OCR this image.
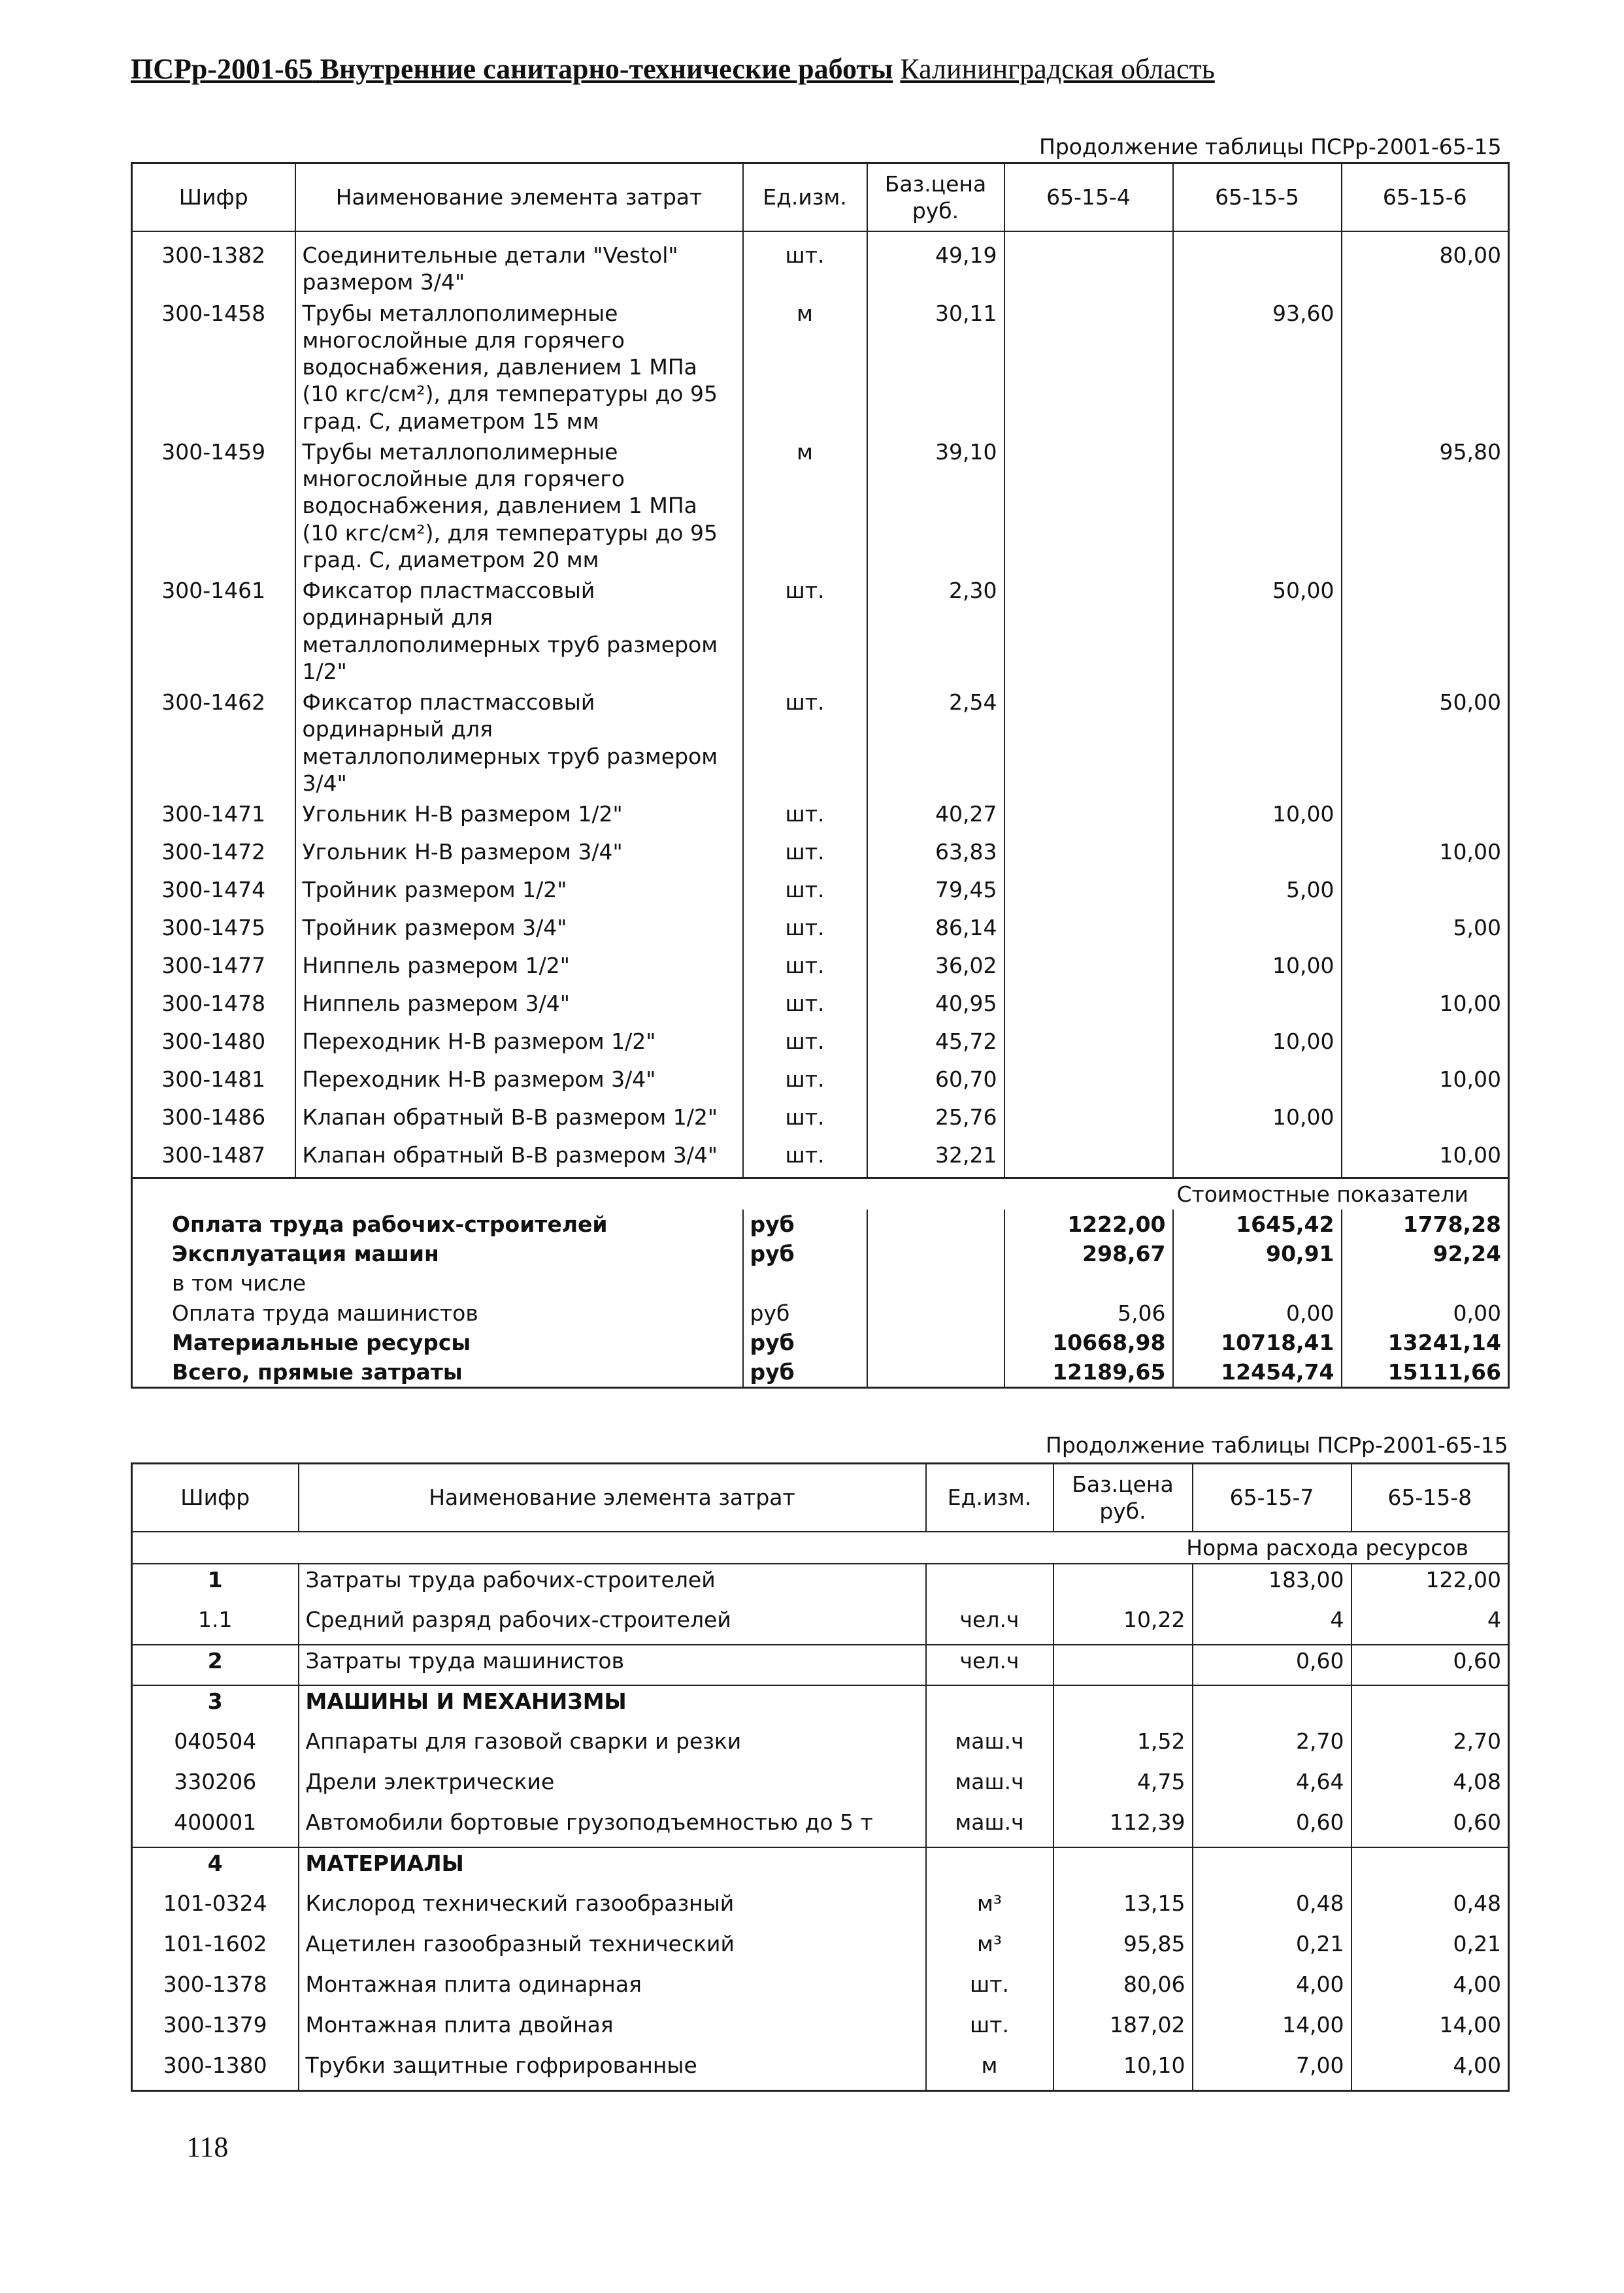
ПСРр-2001-65 Внутренние санитарно-технические работы Калининградская область
Продолжение таблицы ПСРр-2001-65-15
Шифр	Наименование элемента затрат	Ед.изм.	Баз.цена руб.	65-15-4	65-15-5	65-15-6

300-1382	Соединительные детали "Vestol" размером 3/4"	шт.	49,19			80,00
300-1458	Трубы металлополимерные многослойные для горячего водоснабжения, давлением 1 МПа (10 кгс/см²), для температуры до 95 град. С, диаметром 15 мм	м	30,11		93,60	
300-1459	Трубы металлополимерные многослойные для горячего водоснабжения, давлением 1 МПа (10 кгс/см²), для температуры до 95 град. С, диаметром 20 мм	м	39,10			95,80
300-1461	Фиксатор пластмассовый ординарный для металлополимерных труб размером 1/2"	шт.	2,30		50,00	
300-1462	Фиксатор пластмассовый ординарный для металлополимерных труб размером 3/4"	шт.	2,54			50,00
300-1471	Угольник Н-В размером 1/2"	шт.	40,27		10,00	
300-1472	Угольник Н-В размером 3/4"	шт.	63,83			10,00
300-1474	Тройник размером 1/2"	шт.	79,45		5,00	
300-1475	Тройник размером 3/4"	шт.	86,14			5,00
300-1477	Ниппель размером 1/2"	шт.	36,02		10,00	
300-1478	Ниппель размером 3/4"	шт.	40,95			10,00
300-1480	Переходник Н-В размером 1/2"	шт.	45,72		10,00	
300-1481	Переходник Н-В размером 3/4"	шт.	60,70			10,00
300-1486	Клапан обратный В-В размером 1/2"	шт.	25,76		10,00	
300-1487	Клапан обратный В-В размером 3/4"	шт.	32,21			10,00
Стоимостные показатели						
Оплата труда рабочих-строителей		руб		1222,00	1645,42	1778,28
Эксплуатация машин		руб		298,67	90,91	92,24
в том числе						
Оплата труда машинистов		руб		5,06	0,00	0,00
Материальные ресурсы		руб		10668,98	10718,41	13241,14
Всего, прямые затраты		руб		12189,65	12454,74	15111,66
Продолжение таблицы ПСРр-2001-65-15
Шифр	Наименование элемента затрат	Ед.изм.	Баз.цена руб.	65-15-7	65-15-8
Норма расхода ресурсов					
1	Затраты труда рабочих-строителей			183,00	122,00
1.1	Средний разряд рабочих-строителей	чел.ч	10,22	4	4
2	Затраты труда машинистов	чел.ч		0,60	0,60
3	МАШИНЫ И МЕХАНИЗМЫ				
040504	Аппараты для газовой сварки и резки	маш.ч	1,52	2,70	2,70
330206	Дрели электрические	маш.ч	4,75	4,64	4,08
400001	Автомобили бортовые грузоподъемностью до 5 т	маш.ч	112,39	0,60	0,60
4	МАТЕРИАЛЫ				
101-0324	Кислород технический газообразный	м³	13,15	0,48	0,48
101-1602	Ацетилен газообразный технический	м³	95,85	0,21	0,21
300-1378	Монтажная плита одинарная	шт.	80,06	4,00	4,00
300-1379	Монтажная плита двойная	шт.	187,02	14,00	14,00
300-1380	Трубки защитные гофрированные	м	10,10	7,00	4,00
118
